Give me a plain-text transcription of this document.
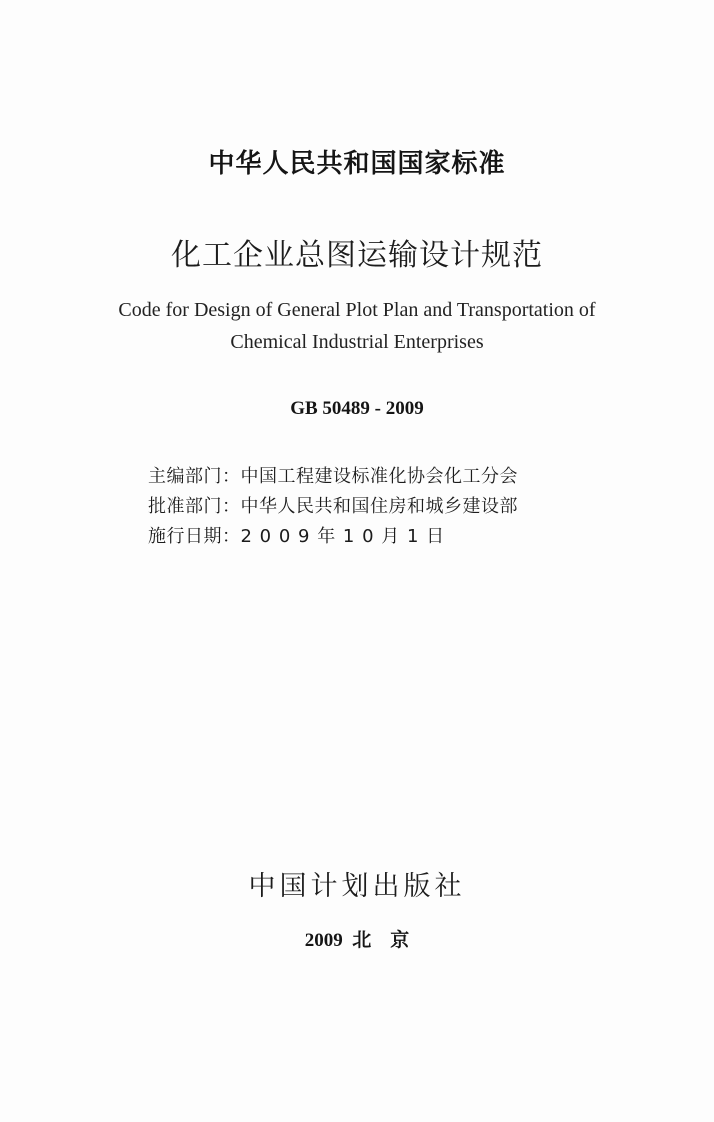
中华人民共和国国家标准
化工企业总图运输设计规范
Code for Design of General Plot Plan and Transportation of
Chemical Industrial Enterprises
GB 50489 - 2009
主编部门： 中国工程建设标准化协会化工分会
批准部门： 中华人民共和国住房和城乡建设部
施行日期： 2 0 0 9 年 1 0 月 1 日
中国计划出版社
2009  北    京
